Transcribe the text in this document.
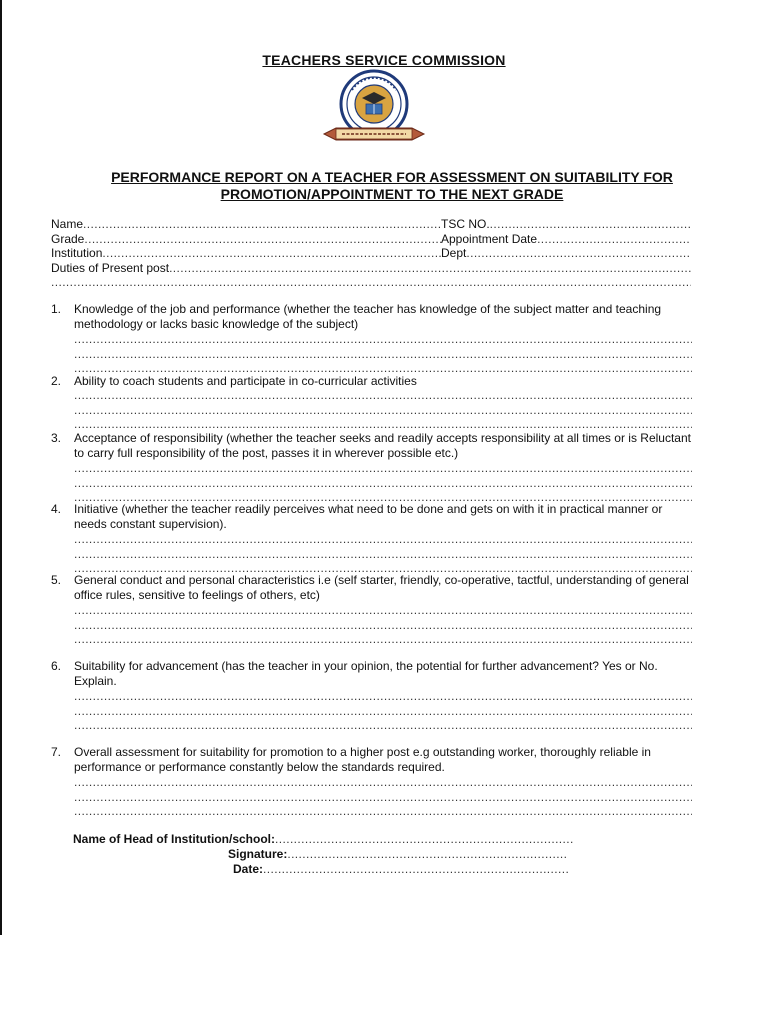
TEACHERS SERVICE COMMISSION
PERFORMANCE REPORT ON A TEACHER FOR ASSESSMENT ON SUITABILITY FOR
PROMOTION/APPOINTMENT TO THE NEXT GRADE
Name .....	TSC NO.
.....
Grade .....	Appointment Date
.....
Institution .....	Dept
.....
Duties of Present post
.....
.....
1. Knowledge of the job and performance (whether the teacher has knowledge of the subject matter and teaching methodology or lacks basic knowledge of the subject)
.....
.....
.....
2. Ability to coach students and participate in co-curricular activities
.....
.....
.....
3. Acceptance of responsibility (whether the teacher seeks and readily accepts responsibility at all times or is Reluctant to carry full responsibility of the post, passes it in wherever possible etc.)
.....
.....
.....
4. Initiative (whether the teacher readily perceives what need to be done and gets on with it in practical manner or needs constant supervision).
.....
.....
.....
5. General conduct and personal characteristics i.e (self starter, friendly, co-operative, tactful, understanding of general office rules, sensitive to feelings of others, etc)
.....
.....
.....
6. Suitability for advancement (has the teacher in your opinion, the potential for further advancement? Yes or No. Explain.
.....
.....
.....
7. Overall assessment for suitability for promotion to a higher post e.g outstanding worker, thoroughly reliable in performance or performance constantly below the standards required.
.....
.....
.....
Name of Head of Institution/school:
.....
Signature:
.....
Date:
.....
